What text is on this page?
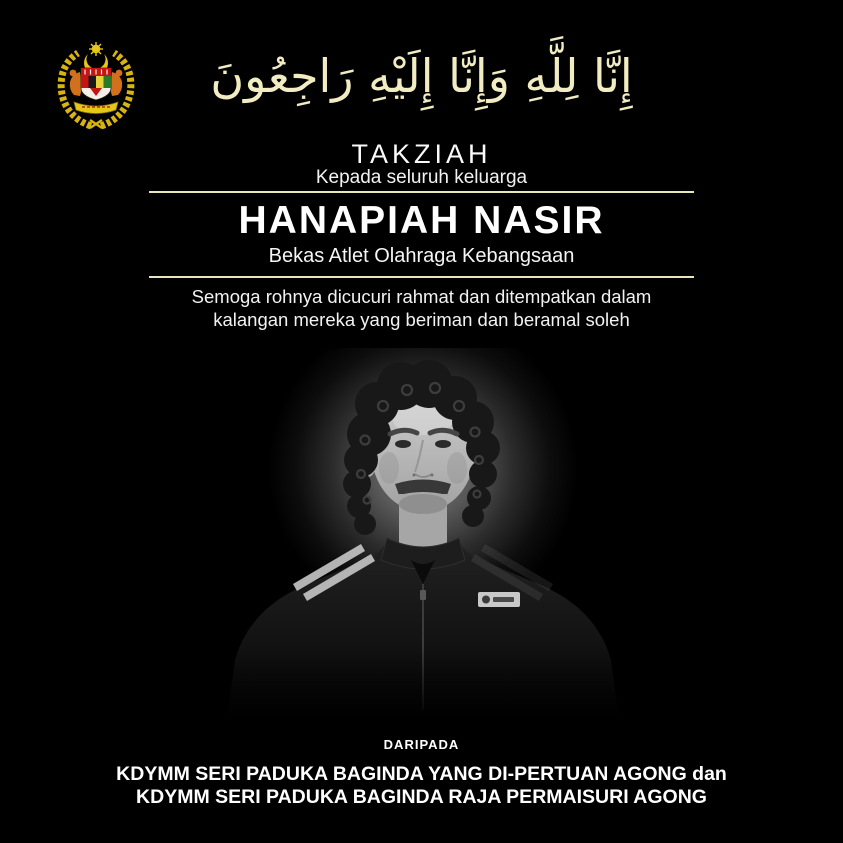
إِنَّا لِلَّهِ وَإِنَّا إِلَيْهِ رَاجِعُونَ
TAKZIAH
Kepada seluruh keluarga
HANAPIAH NASIR
Bekas Atlet Olahraga Kebangsaan
Semoga rohnya dicucuri rahmat dan ditempatkan dalam
kalangan mereka yang beriman dan beramal soleh
DARIPADA
KDYMM SERI PADUKA BAGINDA YANG DI-PERTUAN AGONG dan
KDYMM SERI PADUKA BAGINDA RAJA PERMAISURI AGONG
